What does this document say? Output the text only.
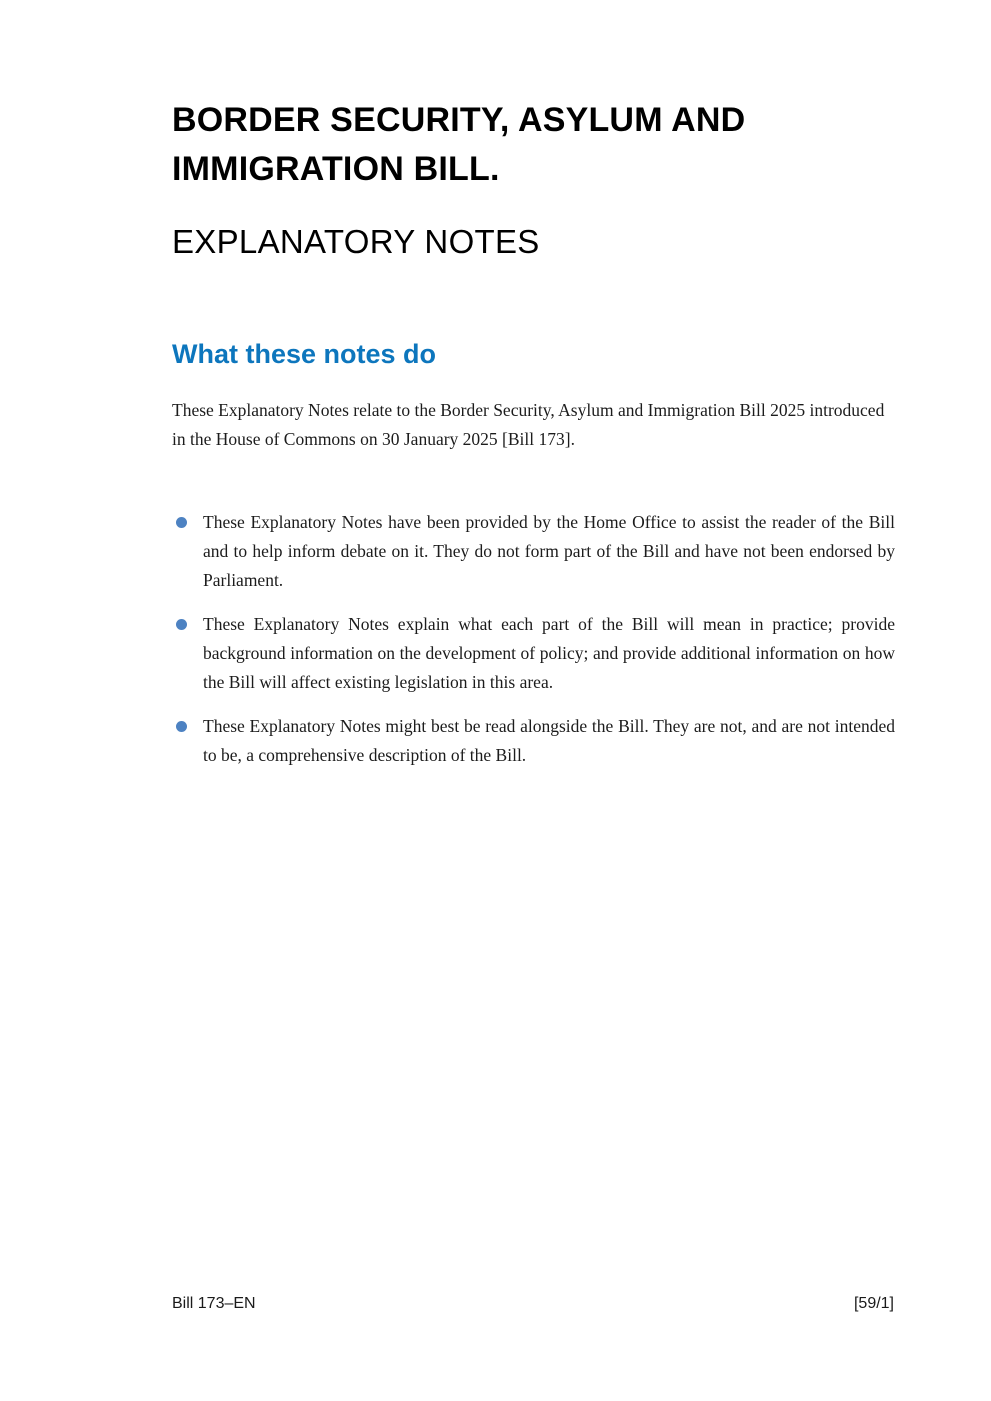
BORDER SECURITY, ASYLUM AND IMMIGRATION BILL.
EXPLANATORY NOTES
What these notes do

These Explanatory Notes relate to the Border Security, Asylum and Immigration Bill 2025 introduced in the House of Commons on 30 January 2025 [Bill 173].

These Explanatory Notes have been provided by the Home Office to assist the reader of the Bill and to help inform debate on it. They do not form part of the Bill and have not been endorsed by Parliament.
These Explanatory Notes explain what each part of the Bill will mean in practice; provide background information on the development of policy; and provide additional information on how the Bill will affect existing legislation in this area.
These Explanatory Notes might best be read alongside the Bill. They are not, and are not intended to be, a comprehensive description of the Bill.
Bill 173–EN	[59/1]
